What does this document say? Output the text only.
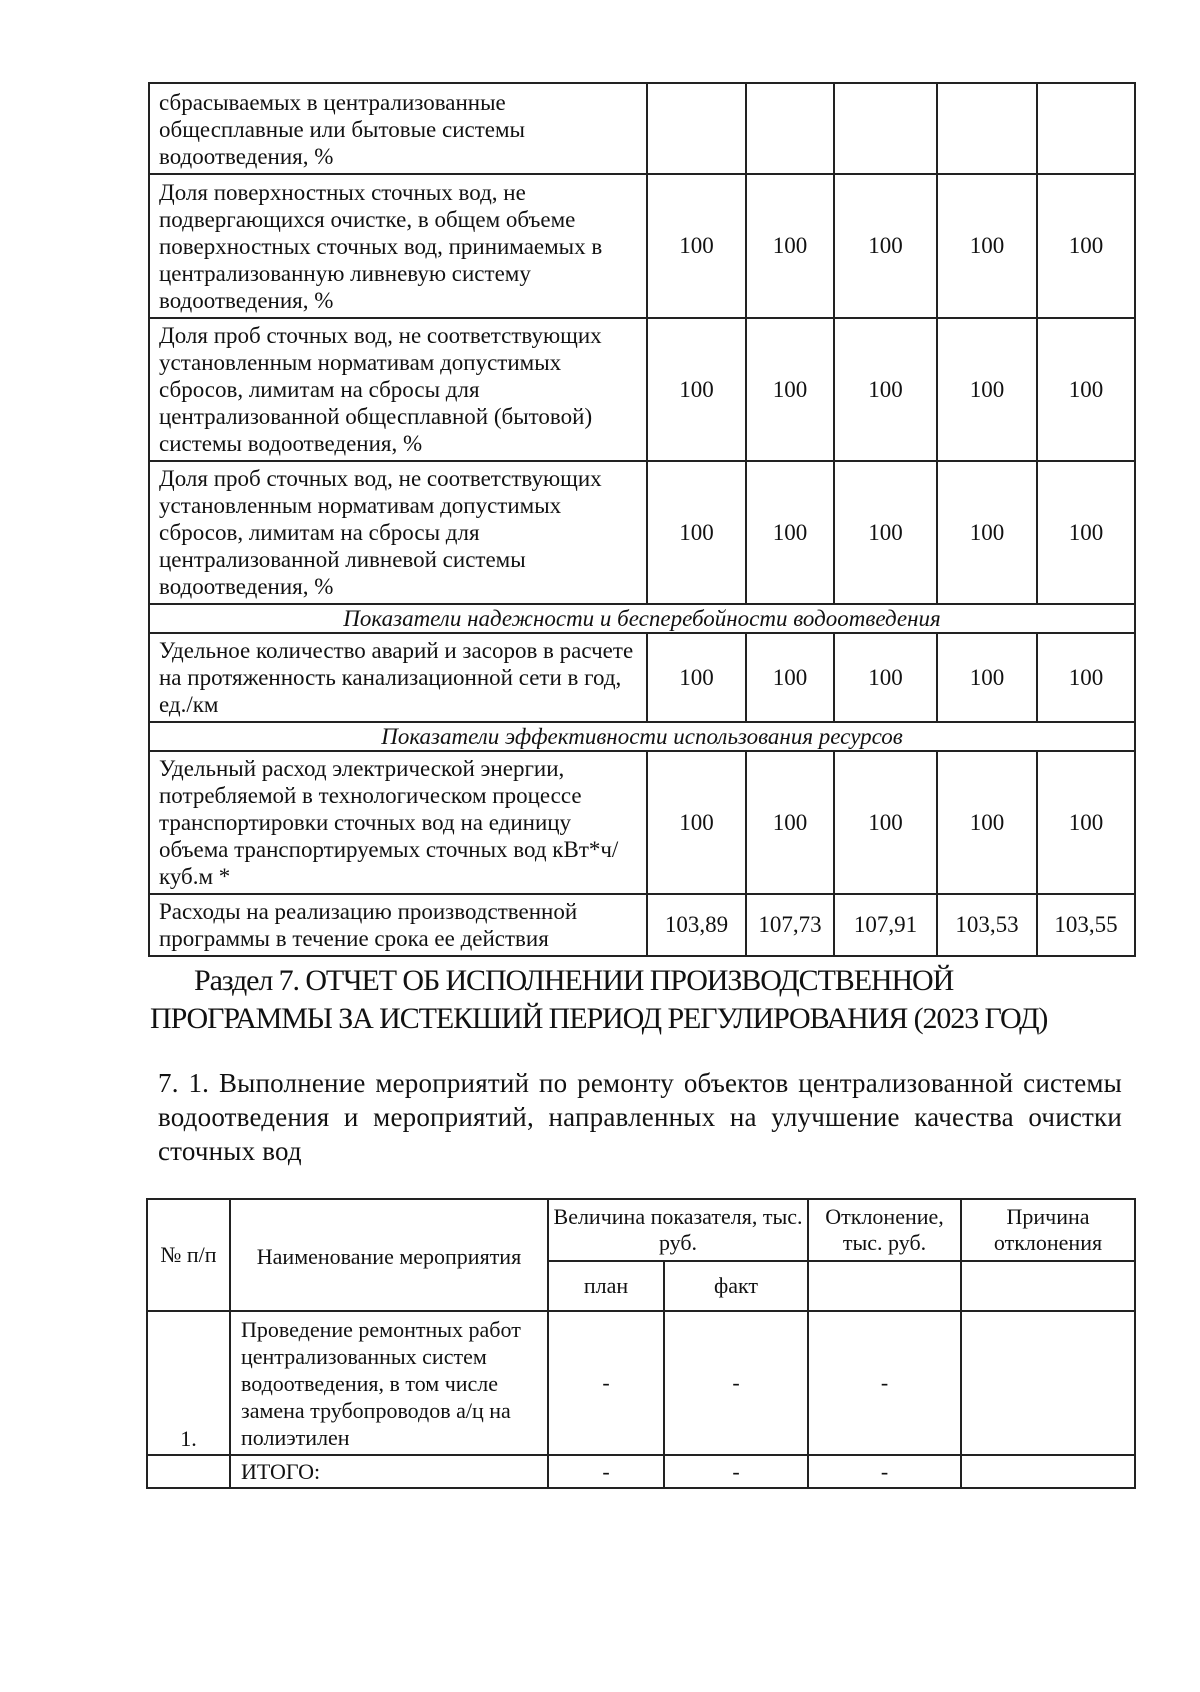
сбрасываемых в централизованные общесплавные или бытовые системы водоотведения, %					
Доля поверхностных сточных вод, не подвергающихся очистке, в общем объеме поверхностных сточных вод, принимаемых в централизованную ливневую систему водоотведения, %	100	100	100	100	100
Доля проб сточных вод, не соответствующих установленным нормативам допустимых сбросов, лимитам на сбросы для централизованной общесплавной (бытовой) системы водоотведения, %	100	100	100	100	100
Доля проб сточных вод, не соответствующих установленным нормативам допустимых сбросов, лимитам на сбросы для централизованной ливневой системы водоотведения, %	100	100	100	100	100
Показатели надежности и бесперебойности водоотведения					
Удельное количество аварий и засоров в расчете на протяженность канализационной сети в год, ед./км	100	100	100	100	100
Показатели эффективности использования ресурсов					
Удельный расход электрической энергии, потребляемой в технологическом процессе транспортировки сточных вод на единицу объема транспортируемых сточных вод кВт*ч/куб.м *	100	100	100	100	100
Расходы на реализацию производственной программы в течение срока ее действия	103,89	107,73	107,91	103,53	103,55
Раздел 7. ОТЧЕТ ОБ ИСПОЛНЕНИИ ПРОИЗВОДСТВЕННОЙ ПРОГРАММЫ ЗА ИСТЕКШИЙ ПЕРИОД РЕГУЛИРОВАНИЯ (2023 ГОД)

7. 1. Выполнение мероприятий по ремонту объектов централизованной системы водоотведения и мероприятий, направленных на улучшение качества очистки сточных вод

№ п/п	Наименование мероприятия	Величина показателя, тыс. руб.		Отклонение, тыс. руб.	Причина отклонения
		план	факт		
1.	Проведение ремонтных работ централизованных систем водоотведения, в том числе замена трубопроводов а/ц на полиэтилен	-	-	-	
	ИТОГО:	-	-	-	
